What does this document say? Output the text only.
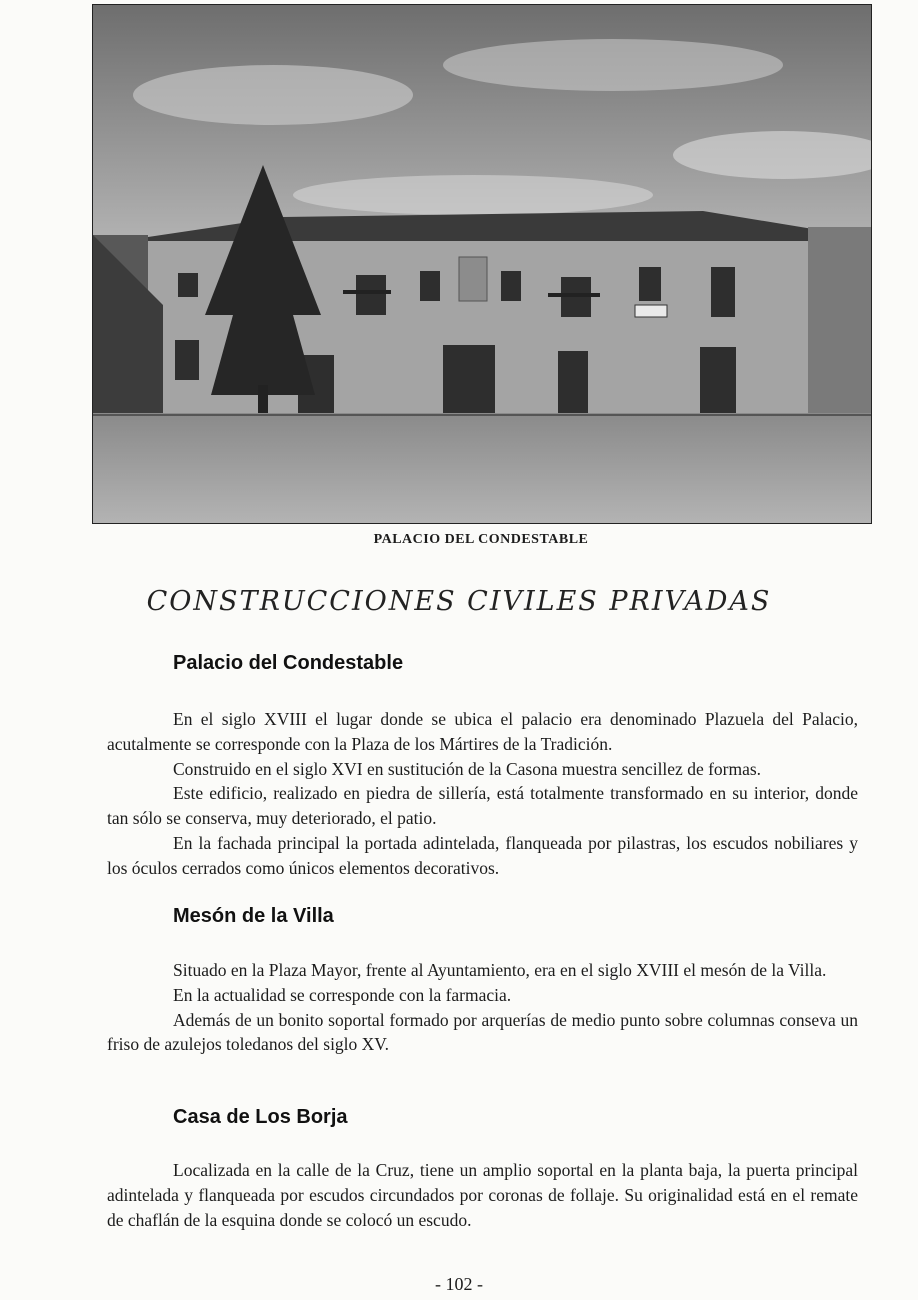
PALACIO DEL CONDESTABLE
CONSTRUCCIONES CIVILES PRIVADAS
Palacio del Condestable

En el siglo XVIII el lugar donde se ubica el palacio era denominado Plazuela del Palacio, acutalmente se corresponde con la Plaza de los Mártires de la Tradición.

Construido en el siglo XVI en sustitución de la Casona muestra sencillez de formas.

Este edificio, realizado en piedra de sillería, está totalmente transformado en su interior, donde tan sólo se conserva, muy deteriorado, el patio.

En la fachada principal la portada adintelada, flanqueada por pilastras, los escudos nobiliares y los óculos cerrados como únicos elementos decorativos.

Mesón de la Villa

Situado en la Plaza Mayor, frente al Ayuntamiento, era en el siglo XVIII el mesón de la Villa.

En la actualidad se corresponde con la farmacia.

Además de un bonito soportal formado por arquerías de medio punto sobre columnas conseva un friso de azulejos toledanos del siglo XV.

Casa de Los Borja

Localizada en la calle de la Cruz, tiene un amplio soportal en la planta baja, la puerta principal adintelada y flanqueada por escudos circundados por coronas de follaje. Su originalidad está en el remate de chaflán de la esquina donde se colocó un escudo.

- 102 -
